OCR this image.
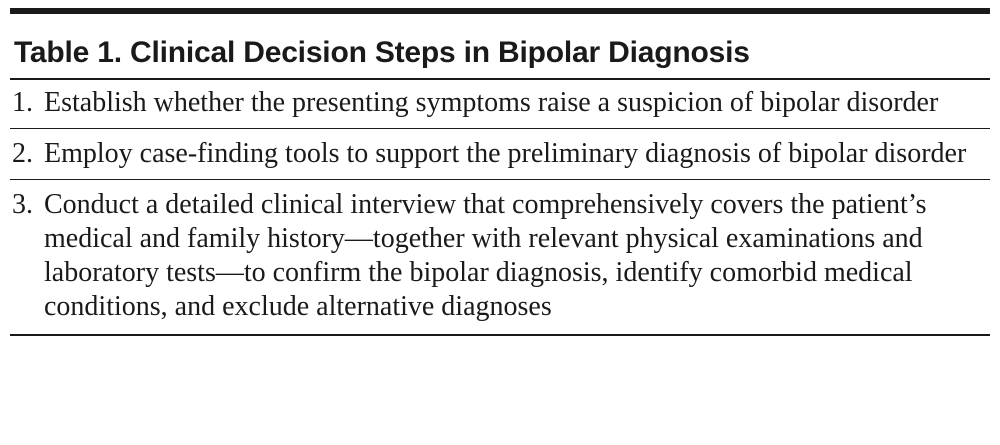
Table 1. Clinical Decision Steps in Bipolar Diagnosis
1. Establish whether the presenting symptoms raise a suspicion of bipolar disorder
2. Employ case-finding tools to support the preliminary diagnosis of bipolar disorder
3. Conduct a detailed clinical interview that comprehensively covers the patient’s medical and family history—together with relevant physical examinations and laboratory tests—to confirm the bipolar diagnosis, identify comorbid medical conditions, and exclude alternative diagnoses
